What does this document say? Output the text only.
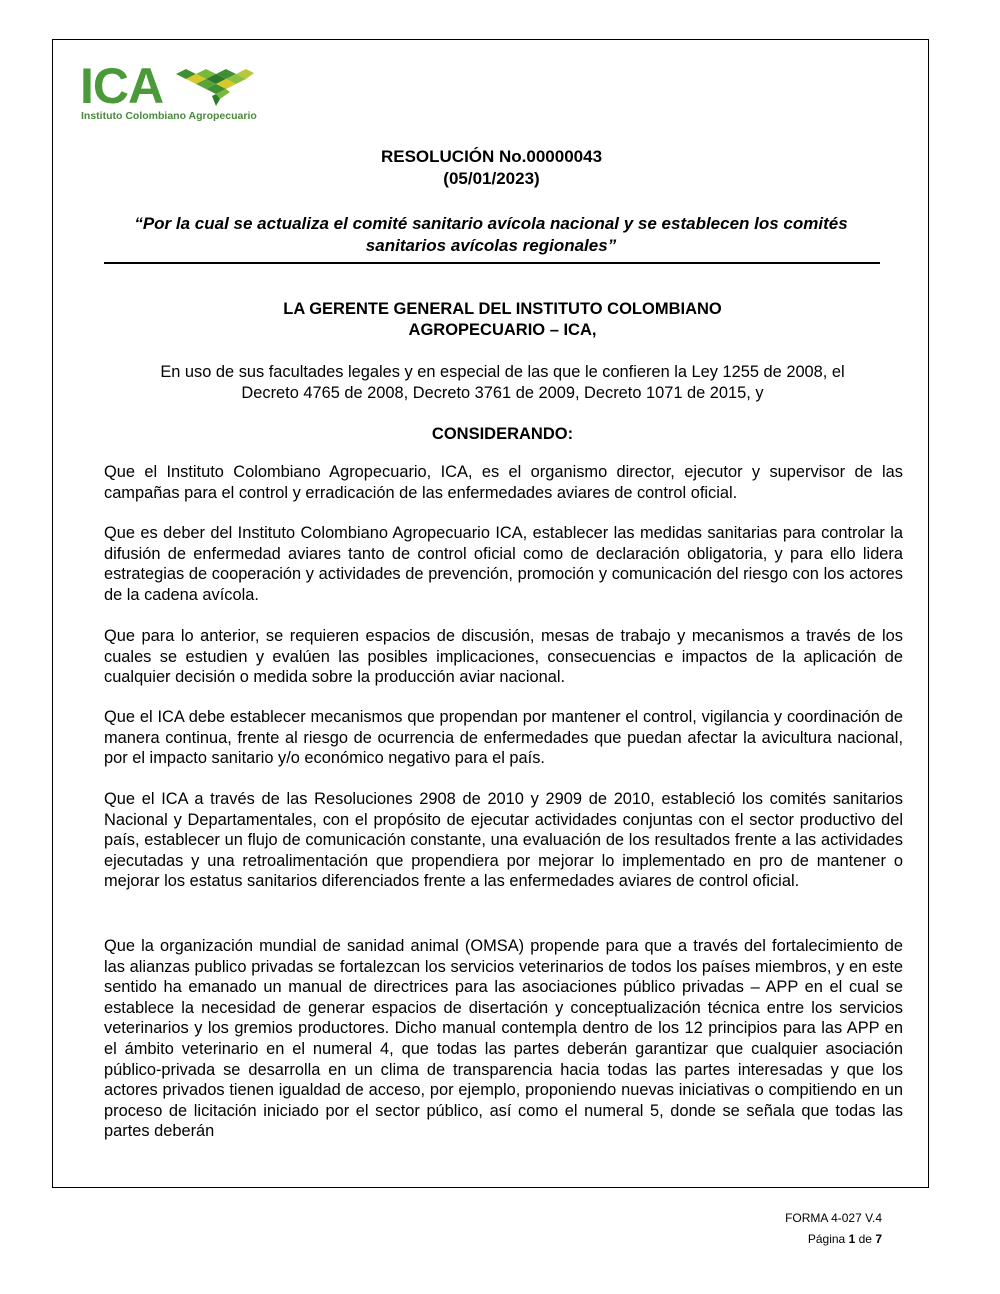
ICA
Instituto Colombiano Agropecuario
RESOLUCIÓN No.00000043
(05/01/2023)
“Por la cual se actualiza el comité sanitario avícola nacional y se establecen los comités
sanitarios avícolas regionales”
LA GERENTE GENERAL DEL INSTITUTO COLOMBIANO
AGROPECUARIO – ICA,
En uso de sus facultades legales y en especial de las que le confieren la Ley 1255 de 2008, el
Decreto 4765 de 2008, Decreto 3761 de 2009, Decreto 1071 de 2015, y
CONSIDERANDO:

Que el Instituto Colombiano Agropecuario, ICA, es el organismo director, ejecutor y supervisor de las campañas para el control y erradicación de las enfermedades aviares de control oficial.

Que es deber del Instituto Colombiano Agropecuario ICA, establecer las medidas sanitarias para controlar la difusión de enfermedad aviares tanto de control oficial como de declaración obligatoria, y para ello lidera estrategias de cooperación y actividades de prevención, promoción y comunicación del riesgo con los actores de la cadena avícola.

Que para lo anterior, se requieren espacios de discusión, mesas de trabajo y mecanismos a través de los cuales se estudien y evalúen las posibles implicaciones, consecuencias e impactos de la aplicación de cualquier decisión o medida sobre la producción aviar nacional.

Que el ICA debe establecer mecanismos que propendan por mantener el control, vigilancia y coordinación de manera continua, frente al riesgo de ocurrencia de enfermedades que puedan afectar la avicultura nacional, por el impacto sanitario y/o económico negativo para el país.

Que el ICA a través de las Resoluciones 2908 de 2010 y 2909 de 2010, estableció los comités sanitarios Nacional y Departamentales, con el propósito de ejecutar actividades conjuntas con el sector productivo del país, establecer un flujo de comunicación constante, una evaluación de los resultados frente a las actividades ejecutadas y una retroalimentación que propendiera por mejorar lo implementado en pro de mantener o mejorar los estatus sanitarios diferenciados frente a las enfermedades aviares de control oficial.

Que la organización mundial de sanidad animal (OMSA) propende para que a través del fortalecimiento de las alianzas publico privadas se fortalezcan los servicios veterinarios de todos los países miembros, y en este sentido ha emanado un manual de directrices para las asociaciones público privadas – APP en el cual se establece la necesidad de generar espacios de disertación y conceptualización técnica entre los servicios veterinarios y los gremios productores. Dicho manual contempla dentro de los 12 principios para las APP en el ámbito veterinario en el numeral 4, que todas las partes deberán garantizar que cualquier asociación público-privada se desarrolla en un clima de transparencia hacia todas las partes interesadas y que los actores privados tienen igualdad de acceso, por ejemplo, proponiendo nuevas iniciativas o compitiendo en un proceso de licitación iniciado por el sector público, así como el numeral 5, donde se señala que todas las partes deberán

FORMA 4-027 V.4
Página 1 de 7
